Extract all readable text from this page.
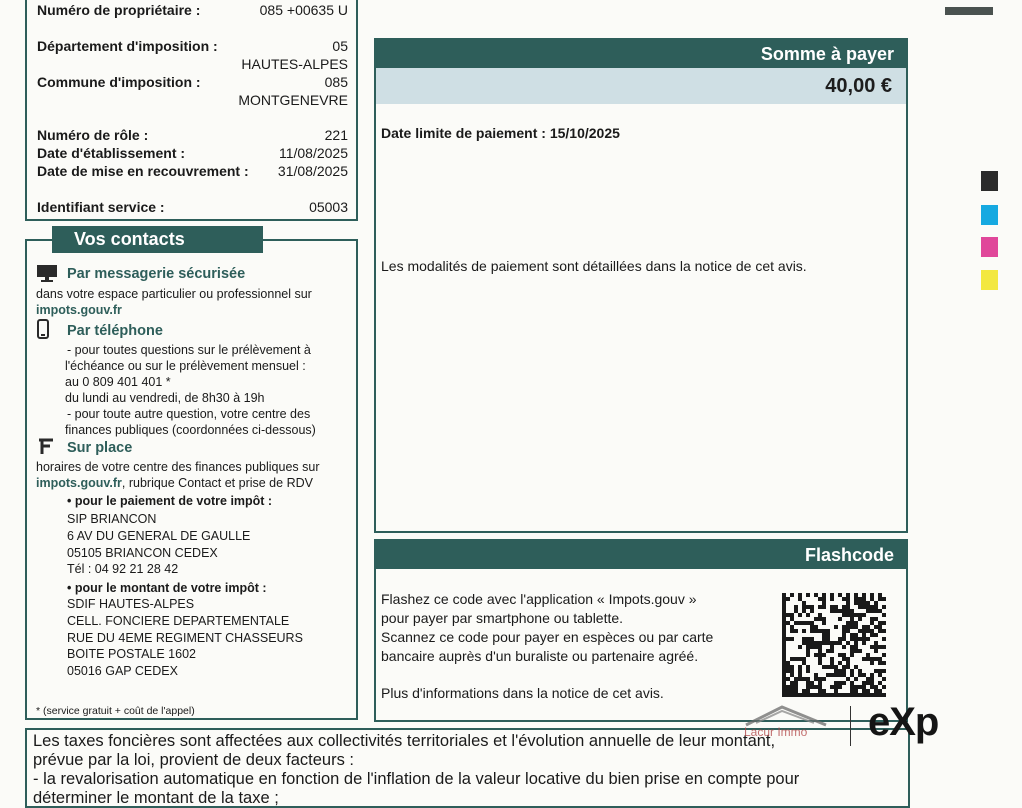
Numéro de propriétaire :	085 +00635 U
Département d'imposition :	05
HAUTES-ALPES
Commune d'imposition :	085
MONTGENEVRE
Numéro de rôle :	221
Date d'établissement :	11/08/2025
Date de mise en recouvrement : 31/08/2025
Identifiant service :	05003
Par messagerie sécurisée
dans votre espace particulier ou professionnel sur
impots.gouv.fr
Par téléphone
- pour toutes questions sur le prélèvement à
l'échéance ou sur le prélèvement mensuel :
au 0 809 401 401 *
du lundi au vendredi, de 8h30 à 19h
- pour toute autre question, votre centre des
finances publiques (coordonnées ci-dessous)
Sur place
horaires de votre centre des finances publiques sur
impots.gouv.fr, rubrique Contact et prise de RDV
• pour le paiement de votre impôt :
SIP BRIANCON
6 AV DU GENERAL DE GAULLE
05105 BRIANCON CEDEX
Tél : 04 92 21 28 42
• pour le montant de votre impôt :
SDIF HAUTES-ALPES
CELL. FONCIERE DEPARTEMENTALE
RUE DU 4EME REGIMENT CHASSEURS
BOITE POSTALE 1602
05016 GAP CEDEX
* (service gratuit + coût de l'appel)
Vos contacts
Somme à payer
40,00 €
Date limite de paiement : 15/10/2025
Les modalités de paiement sont détaillées dans la notice de cet avis.
Flashcode
Flashez ce code avec l'application « Impots.gouv »
pour payer par smartphone ou tablette.
Scannez ce code pour payer en espèces ou par carte
bancaire auprès d'un buraliste ou partenaire agréé.
Plus d'informations dans la notice de cet avis.
Les taxes foncières sont affectées aux collectivités territoriales et l'évolution annuelle de leur montant,
prévue par la loi, provient de deux facteurs :
- la revalorisation automatique en fonction de l'inflation de la valeur locative du bien prise en compte pour
déterminer le montant de la taxe ;
Lacur Immo eXp
